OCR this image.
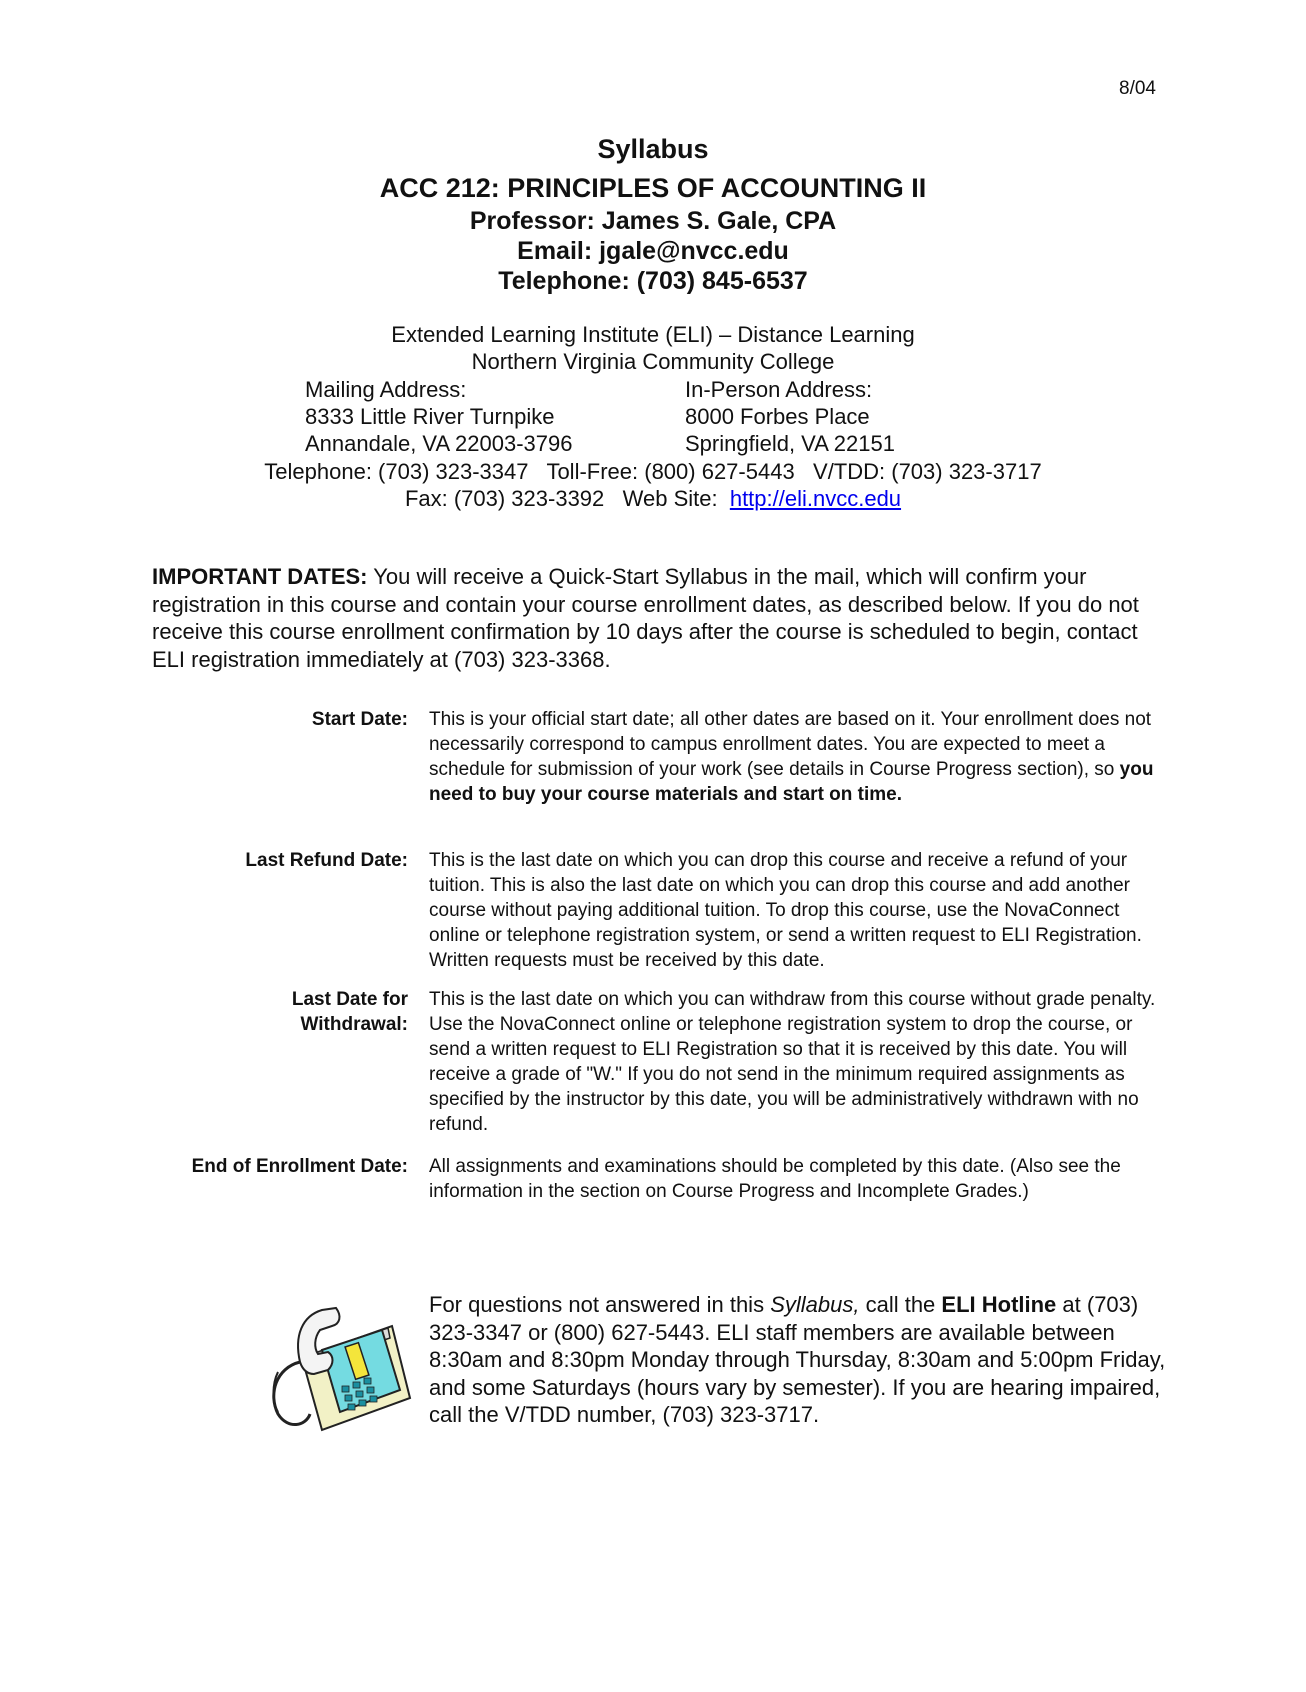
8/04
Syllabus
ACC 212: PRINCIPLES OF ACCOUNTING II
Professor: James S. Gale, CPA
Email: jgale@nvcc.edu
Telephone: (703) 845-6537
Extended Learning Institute (ELI) – Distance Learning
Northern Virginia Community College
Mailing Address:
8333 Little River Turnpike
Annandale, VA 22003-3796
In-Person Address:
8000 Forbes Place
Springfield, VA 22151
Telephone: (703) 323-3347   Toll-Free: (800) 627-5443   V/TDD: (703) 323-3717
Fax: (703) 323-3392   Web Site:  http://eli.nvcc.edu
IMPORTANT DATES: You will receive a Quick-Start Syllabus in the mail, which will confirm your registration in this course and contain your course enrollment dates, as described below. If you do not receive this course enrollment confirmation by 10 days after the course is scheduled to begin, contact ELI registration immediately at (703) 323-3368.
Start Date: This is your official start date; all other dates are based on it. Your enrollment does not necessarily correspond to campus enrollment dates. You are expected to meet a schedule for submission of your work (see details in Course Progress section), so you need to buy your course materials and start on time.
Last Refund Date: This is the last date on which you can drop this course and receive a refund of your tuition. This is also the last date on which you can drop this course and add another course without paying additional tuition. To drop this course, use the NovaConnect online or telephone registration system, or send a written request to ELI Registration. Written requests must be received by this date.
Last Date for
Withdrawal:
This is the last date on which you can withdraw from this course without grade penalty. Use the NovaConnect online or telephone registration system to drop the course, or send a written request to ELI Registration so that it is received by this date. You will receive a grade of "W." If you do not send in the minimum required assignments as specified by the instructor by this date, you will be administratively withdrawn with no refund.
End of Enrollment Date: All assignments and examinations should be completed by this date. (Also see the information in the section on Course Progress and Incomplete Grades.)
For questions not answered in this Syllabus, call the ELI Hotline at (703) 323-3347 or (800) 627-5443. ELI staff members are available between 8:30am and 8:30pm Monday through Thursday, 8:30am and 5:00pm Friday, and some Saturdays (hours vary by semester). If you are hearing impaired, call the V/TDD number, (703) 323-3717.
